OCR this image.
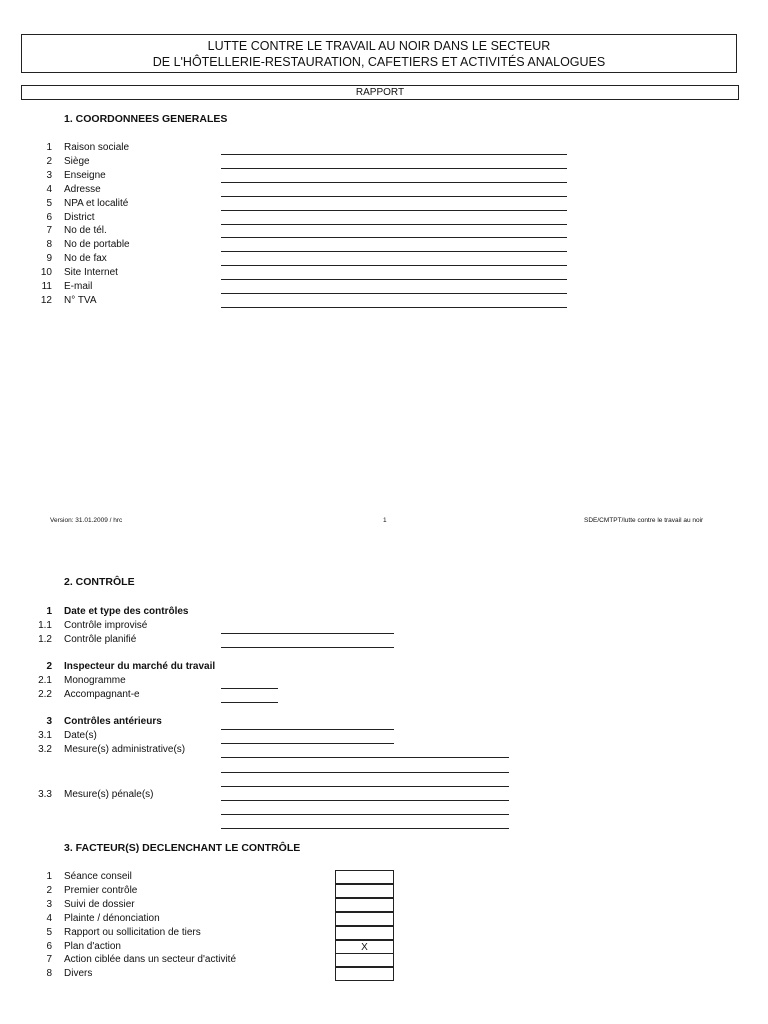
LUTTE CONTRE LE TRAVAIL AU NOIR DANS LE SECTEUR
DE L'HÔTELLERIE-RESTAURATION, CAFETIERS ET ACTIVITÉS ANALOGUES
RAPPORT
1. COORDONNEES GENERALES
1 Raison sociale
2 Siège
3 Enseigne
4 Adresse
5 NPA et localité
6 District
7 No de tél.
8 No de portable
9 No de fax
10 Site Internet
11 E-mail
12 N° TVA
Version: 31.01.2009 / hrc	1	SDE/CMTPT/lutte contre le travail au noir
2. CONTRÔLE
1 Date et type des contrôles
1.1 Contrôle improvisé
1.2 Contrôle planifié
2 Inspecteur du marché du travail
2.1 Monogramme
2.2 Accompagnant-e
3 Contrôles antérieurs
3.1 Date(s)
3.2 Mesure(s) administrative(s)
3.3 Mesure(s) pénale(s)
3. FACTEUR(S) DECLENCHANT LE CONTRÔLE
1 Séance conseil
2 Premier contrôle
3 Suivi de dossier
4 Plainte / dénonciation
5 Rapport ou sollicitation de tiers
6 Plan d'action	X
7 Action ciblée dans un secteur d'activité
8 Divers
